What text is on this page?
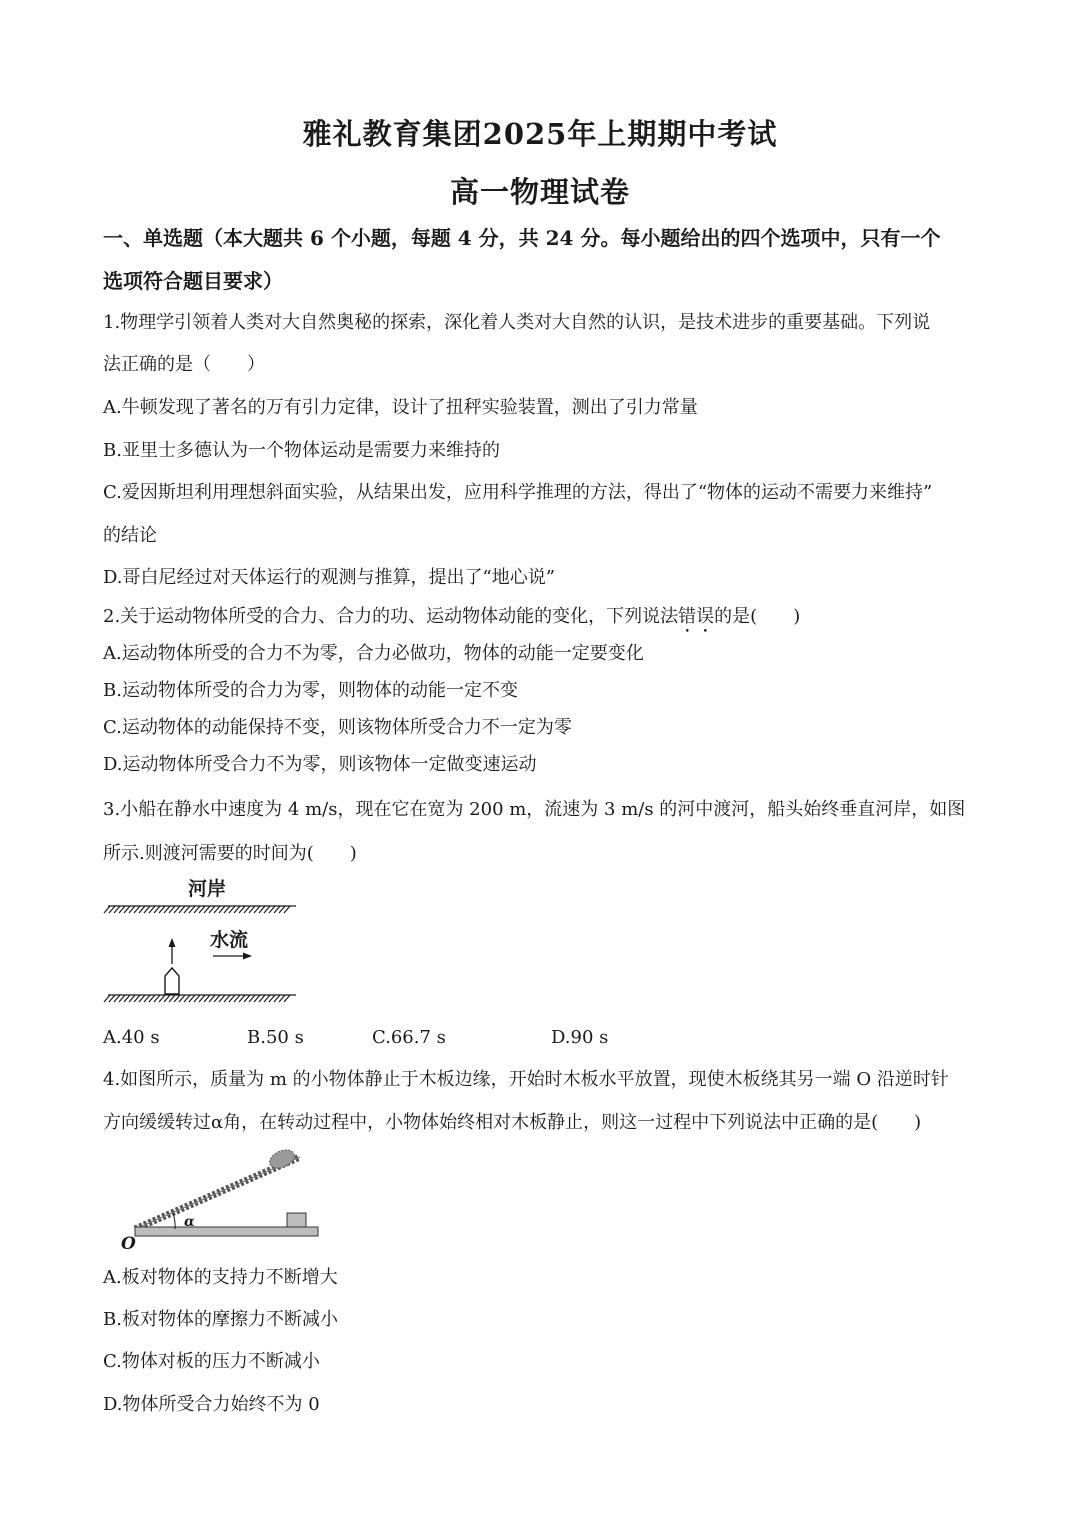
雅礼教育集团2025年上期期中考试
高一物理试卷
一、单选题（本大题共 6 个小题，每题 4 分，共 24 分。每小题给出的四个选项中，只有一个
选项符合题目要求）
1.物理学引领着人类对大自然奥秘的探索，深化着人类对大自然的认识，是技术进步的重要基础。下列说
法正确的是（　　）
A.牛顿发现了著名的万有引力定律，设计了扭秤实验装置，测出了引力常量
B.亚里士多德认为一个物体运动是需要力来维持的
C.爱因斯坦利用理想斜面实验，从结果出发，应用科学推理的方法，得出了“物体的运动不需要力来维持”
的结论
D.哥白尼经过对天体运行的观测与推算，提出了“地心说”
2.关于运动物体所受的合力、合力的功、运动物体动能的变化，下列说法错误的是(　　)
A.运动物体所受的合力不为零，合力必做功，物体的动能一定要变化
B.运动物体所受的合力为零，则物体的动能一定不变
C.运动物体的动能保持不变，则该物体所受合力不一定为零
D.运动物体所受合力不为零，则该物体一定做变速运动
3.小船在静水中速度为 4 m/s，现在它在宽为 200 m，流速为 3 m/s 的河中渡河，船头始终垂直河岸，如图
所示.则渡河需要的时间为(　　)
河岸
水流
A.40 s	B.50 s	C.66.7 s	D.90 s
4.如图所示，质量为 m 的小物体静止于木板边缘，开始时木板水平放置，现使木板绕其另一端 O 沿逆时针
方向缓缓转过α角，在转动过程中，小物体始终相对木板静止，则这一过程中下列说法中正确的是(　　)
α
O
A.板对物体的支持力不断增大
B.板对物体的摩擦力不断减小
C.物体对板的压力不断减小
D.物体所受合力始终不为 0
